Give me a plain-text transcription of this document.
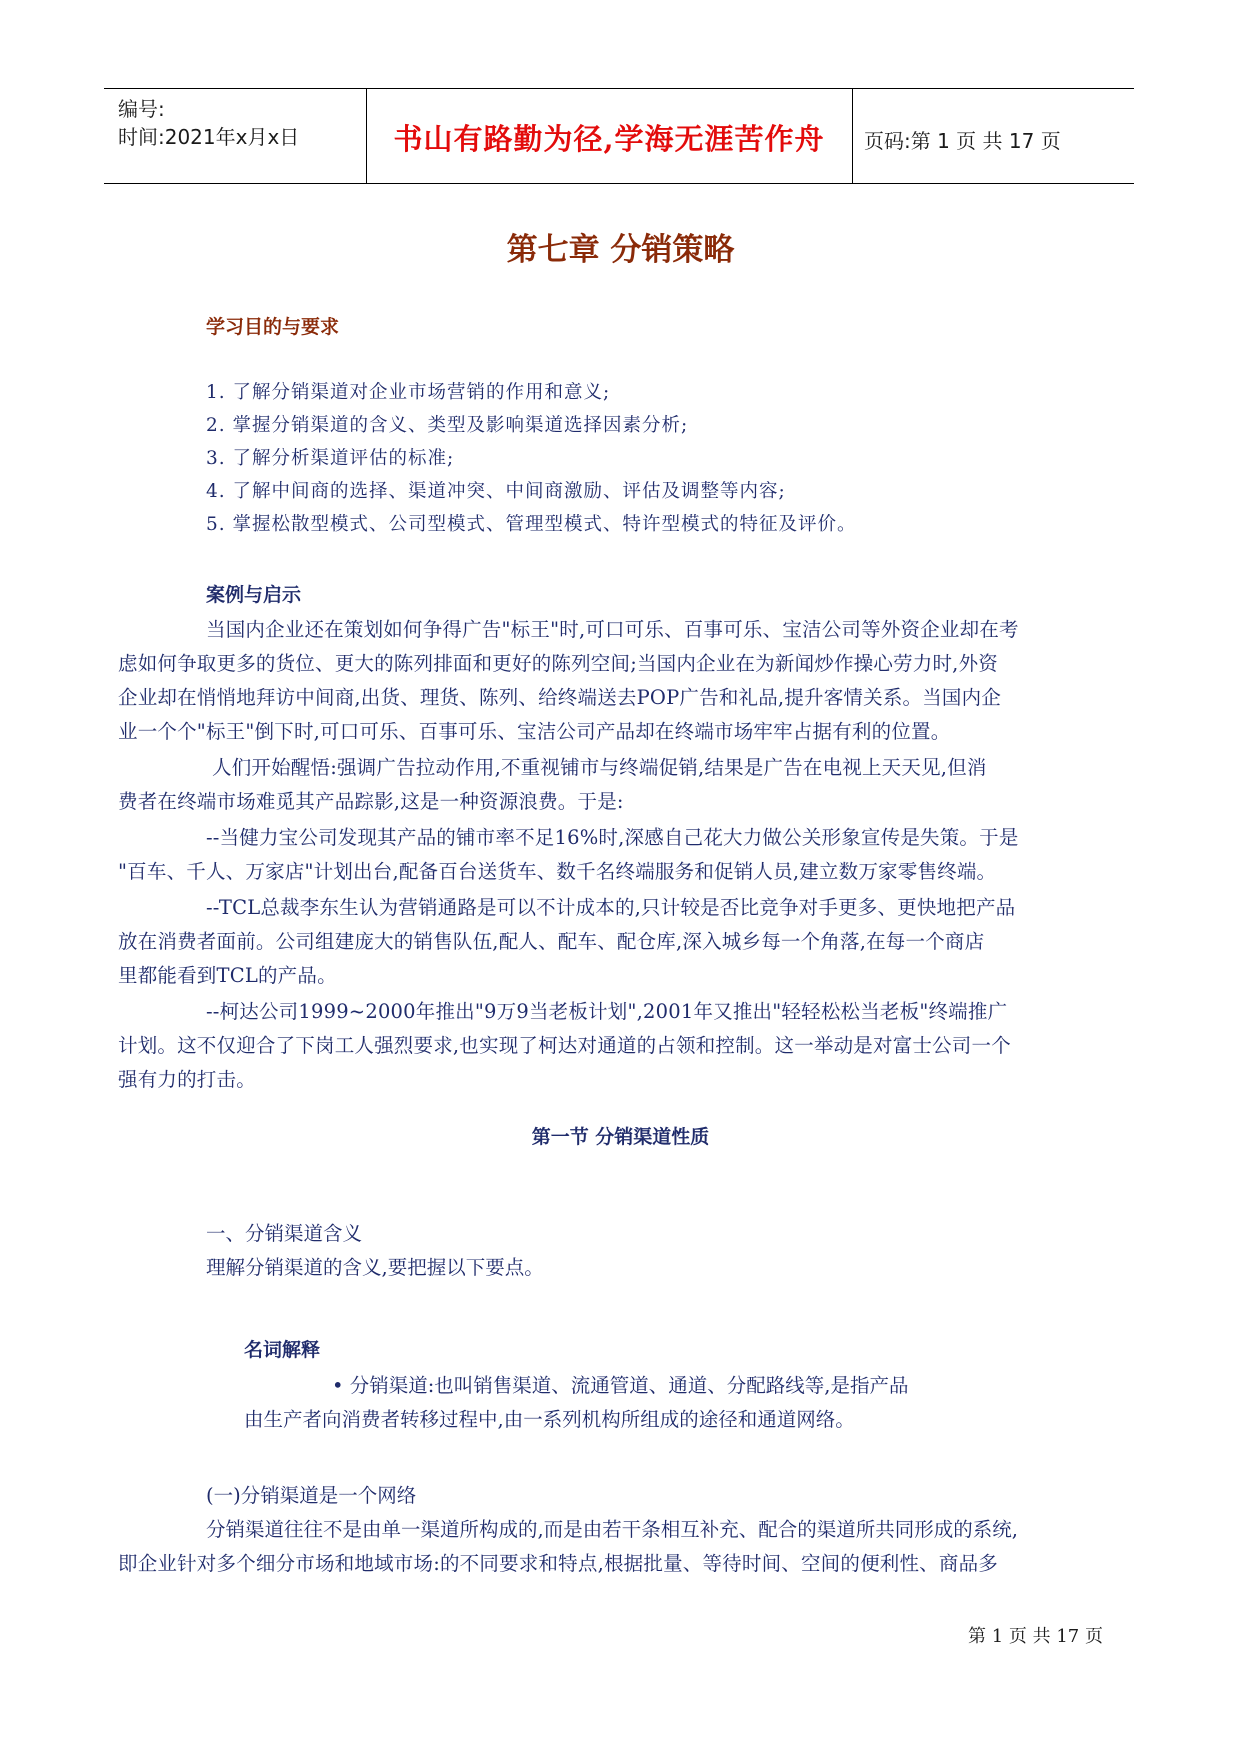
编号:
时间:2021年x月x日	书山有路勤为径,学海无涯苦作舟	页码:第 1 页 共 17 页
第七章 分销策略
学习目的与要求
1. 了解分销渠道对企业市场营销的作用和意义;
2. 掌握分销渠道的含义、类型及影响渠道选择因素分析;
3. 了解分析渠道评估的标准;
4. 了解中间商的选择、渠道冲突、中间商激励、评估及调整等内容;
5. 掌握松散型模式、公司型模式、管理型模式、特许型模式的特征及评价。
案例与启示
当国内企业还在策划如何争得广告"标王"时,可口可乐、百事可乐、宝洁公司等外资企业却在考
虑如何争取更多的货位、更大的陈列排面和更好的陈列空间;当国内企业在为新闻炒作操心劳力时,外资
企业却在悄悄地拜访中间商,出货、理货、陈列、给终端送去POP广告和礼品,提升客情关系。当国内企
业一个个"标王"倒下时,可口可乐、百事可乐、宝洁公司产品却在终端市场牢牢占据有利的位置。
人们开始醒悟:强调广告拉动作用,不重视铺市与终端促销,结果是广告在电视上天天见,但消
费者在终端市场难觅其产品踪影,这是一种资源浪费。于是:
--当健力宝公司发现其产品的铺市率不足16%时,深感自己花大力做公关形象宣传是失策。于是
"百车、千人、万家店"计划出台,配备百台送货车、数千名终端服务和促销人员,建立数万家零售终端。
--TCL总裁李东生认为营销通路是可以不计成本的,只计较是否比竞争对手更多、更快地把产品
放在消费者面前。公司组建庞大的销售队伍,配人、配车、配仓库,深入城乡每一个角落,在每一个商店
里都能看到TCL的产品。
--柯达公司1999~2000年推出"9万9当老板计划",2001年又推出"轻轻松松当老板"终端推广
计划。这不仅迎合了下岗工人强烈要求,也实现了柯达对通道的占领和控制。这一举动是对富士公司一个
强有力的打击。
第一节 分销渠道性质
一、分销渠道含义
理解分销渠道的含义,要把握以下要点。
名词解释
• 分销渠道:也叫销售渠道、流通管道、通道、分配路线等,是指产品
由生产者向消费者转移过程中,由一系列机构所组成的途径和通道网络。
(一)分销渠道是一个网络
分销渠道往往不是由单一渠道所构成的,而是由若干条相互补充、配合的渠道所共同形成的系统,
即企业针对多个细分市场和地域市场:的不同要求和特点,根据批量、等待时间、空间的便利性、商品多
第 1 页 共 17 页
